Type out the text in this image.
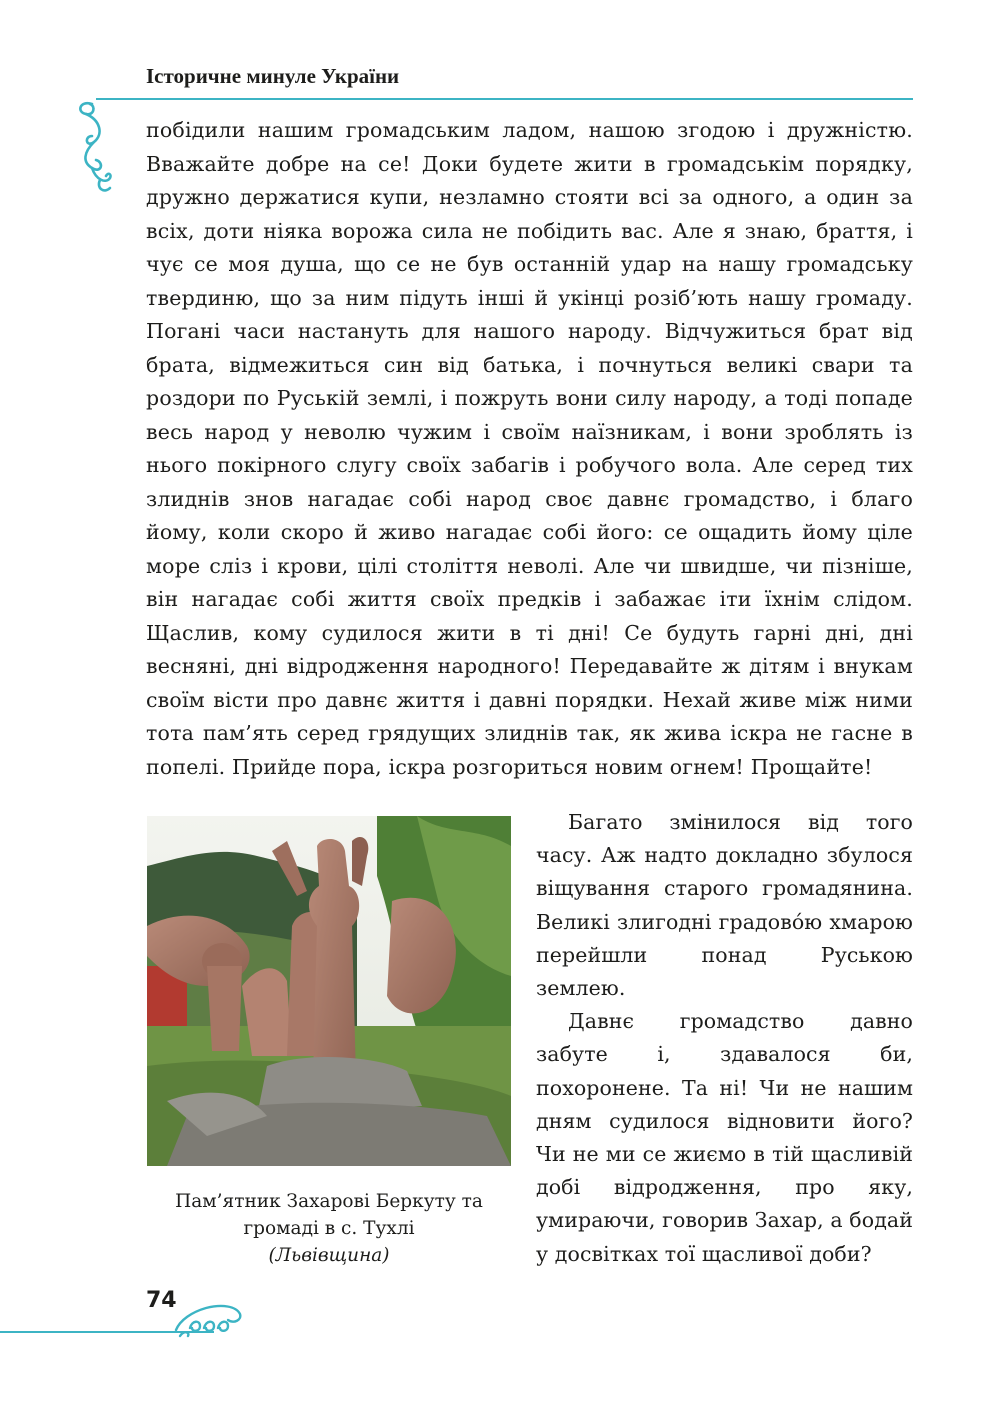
Історичне минуле України

побідили нашим громадським ладом, нашою згодою і дружністю. Вважайте добре на се! Доки будете жити в громадськім порядку, дружно держатися купи, незламно стояти всі за одного, а один за всіх, доти ніяка ворожа сила не побідить вас. Але я знаю, браття, і чує се моя душа, що се не був останній удар на нашу громадську твердиню, що за ним підуть інші й укінці розіб’ють нашу громаду. Погані часи настануть для нашого народу. Відчужиться брат від брата, відмежиться син від батька, і почнуться великі свари та роздори по Руській землі, і пожруть вони силу народу, а тоді попаде весь народ у неволю чужим і своїм наїзникам, і вони зроблять із нього покірного слугу своїх забагів і робучого вола. Але серед тих злиднів знов нагадає собі народ своє давнє громадство, і благо йому, коли скоро й живо нагадає собі його: се ощадить йому ціле море сліз і крови, цілі століття неволі. Але чи швидше, чи пізніше, він нагадає собі життя своїх предків і забажає іти їхнім слідом. Щаслив, кому судилося жити в ті дні! Се будуть гарні дні, дні весняні, дні відродження народного! Передавайте ж дітям і внукам своїм вісти про давнє життя і давні порядки. Нехай живе між ними тота пам’ять серед грядущих злиднів так, як жива іскра не гасне в попелі. Прийде пора, іскра розгориться новим огнем! Прощайте!

Пам’ятник Захарові Беркуту та
громаді в с. Тухлі
(Львівщина)

Багато змінилося від того часу. Аж надто докладно збулося віщування старого громадянина. Великі злигодні градово́ю хмарою перейшли понад Руською землею.

Давнє громадство давно забуте і, здавалося би, похоронене. Та ні! Чи не нашим дням судилося відновити його? Чи не ми се жиємо в тій щасливій добі відродження, про яку, умираючи, говорив Захар, а бодай у досвітках тої щасливої доби?

74
